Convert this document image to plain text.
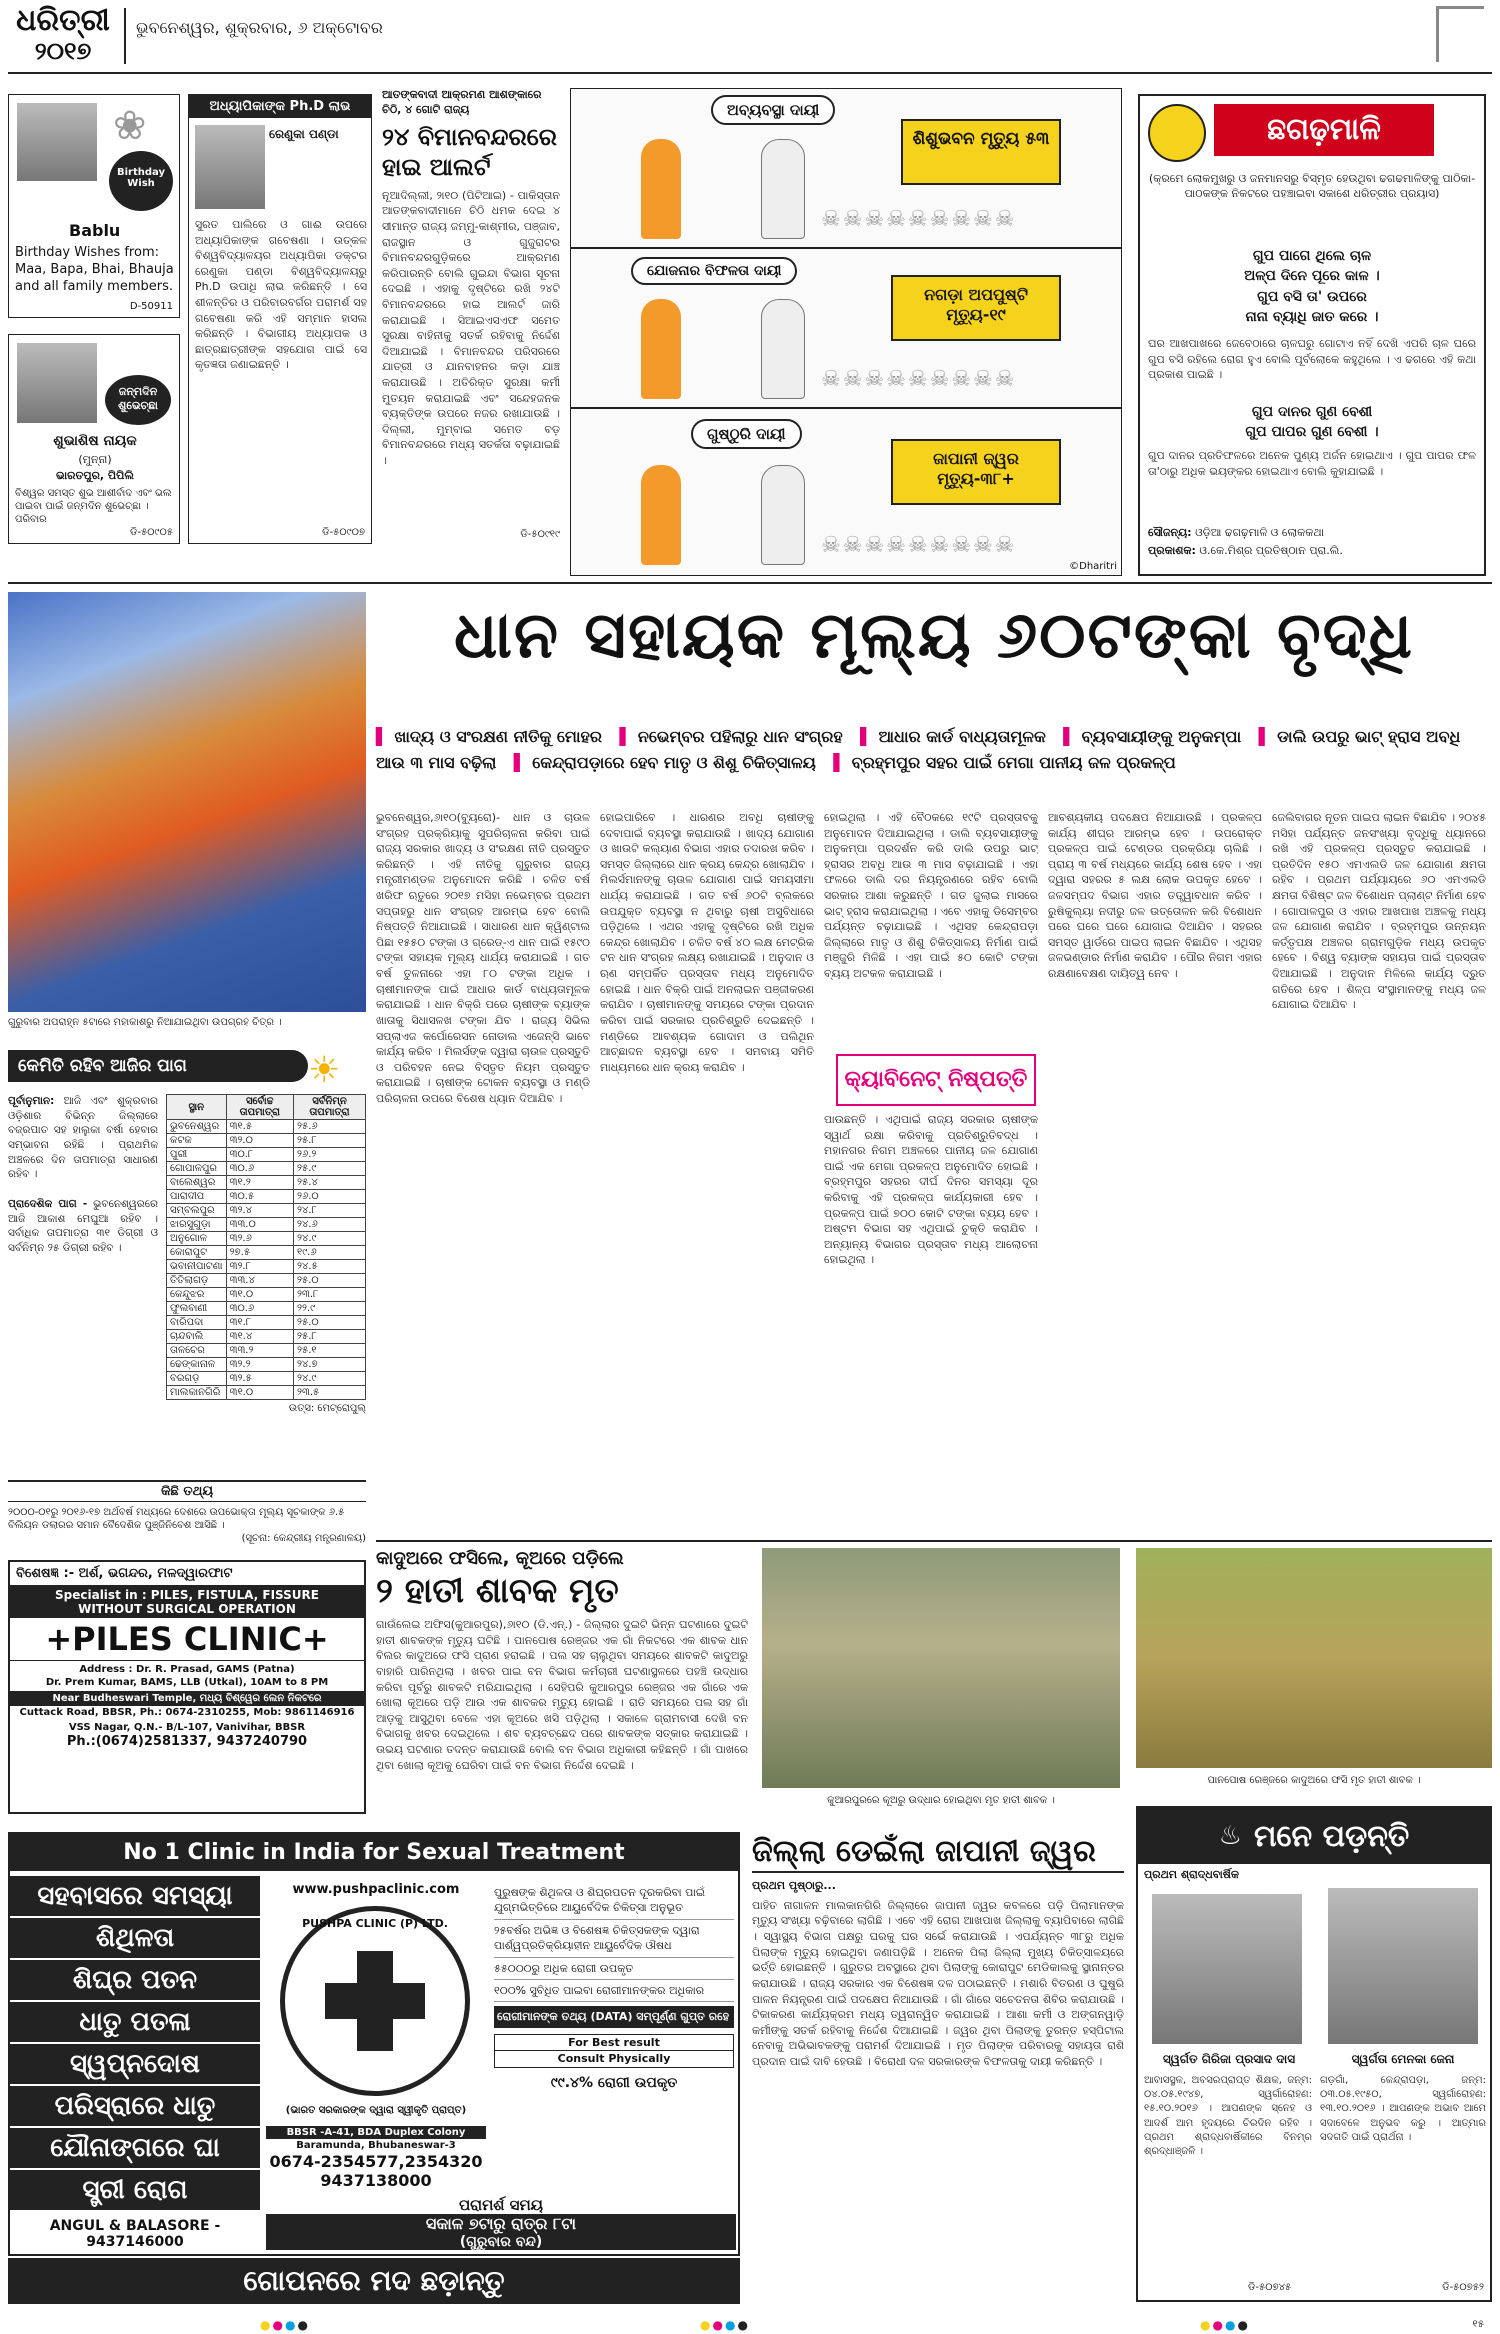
ଧରିତ୍ରୀ
୨୦୧୭
ଭୁବନେଶ୍ୱର, ଶୁକ୍ରବାର, ୬ ଅକ୍ଟୋବର
❀
Birthday Wish
Bablu
Birthday Wishes from: Maa, Bapa, Bhai, Bhauja and all family members.
D-50911
ଜନ୍ମଦିନ ଶୁଭେଚ୍ଛା
ଶୁଭାଶିଷ ନାୟକ
(ମୁନ୍ନା)
ଭାରତପୁର, ପିପିଲି
ବିଶ୍ୱର ସମସ୍ତ ଶୁଭ ଆଶୀର୍ବାଦ ଏବଂ ଭଲ ପାଇବା ପାଇଁ ଜନ୍ମଦିନ ଶୁଭେଚ୍ଛା । ପରିବାର
ଡି-୫୦୯୦୫
ଅଧ୍ୟାପିକାଙ୍କ Ph.D ଲାଭ
ରେଣୁକା ପଣ୍ଡା
ସୁରତ ପାଲିରେ ଓ ଗାଈ ଉପରେ ଅଧ୍ୟାପିକାଙ୍କ ଗବେଷଣା । ଉତ୍କଳ ବିଶ୍ୱବିଦ୍ୟାଳୟର ଅଧ୍ୟାପିକା ଡକ୍ଟର ରେଣୁକା ପଣ୍ଡା ବିଶ୍ୱବିଦ୍ୟାଳୟରୁ Ph.D ଉପାଧି ଲାଭ କରିଛନ୍ତି । ସେ ଶୀଳନ୍ତିର ଓ ପରିବାରବର୍ଗର ପରାମର୍ଶ ସହ ଗବେଷଣା କରି ଏହି ସମ୍ମାନ ହାସଲ କରିଛନ୍ତି । ବିଭାଗୀୟ ଅଧ୍ୟାପକ ଓ ଛାତ୍ରଛାତ୍ରୀଙ୍କ ସହଯୋଗ ପାଇଁ ସେ କୃତଜ୍ଞତା ଜଣାଇଛନ୍ତି ।
ଡି-୫୦୯୦୭
ଆତଙ୍କବାଦୀ ଆକ୍ରମଣ ଆଶଙ୍କାରେ ଚିଠି, ୪ ଗୋଟି ରାଜ୍ୟ
୨୪ ବିମାନବନ୍ଦରରେ ହାଇ ଆଲର୍ଟ
ନୂଆଦିଲ୍ଲୀ, ୨ା୧୦ (ପିଟିଆଇ) - ପାକିସ୍ତାନ ଆତଙ୍କବାଦୀମାନେ ଚିଠି ଧମକ ଦେଇ ୪ ସୀମାନ୍ତ ରାଜ୍ୟ ଜମ୍ମୁ-କାଶ୍ମୀର, ପଞ୍ଜାବ, ରାଜସ୍ଥାନ ଓ ଗୁଜୁରାଟର ବିମାନବନ୍ଦରଗୁଡ଼ିକରେ ଆକ୍ରମଣ କରିପାରନ୍ତି ବୋଲି ଗୁଇନ୍ଦା ବିଭାଗ ସୂଚନା ଦେଇଛି । ଏହାକୁ ଦୃଷ୍ଟିରେ ରଖି ୨୪ଟି ବିମାନବନ୍ଦରରେ ହାଇ ଆଲର୍ଟ ଜାରି କରାଯାଇଛି । ସିଆଇଏସଏଫ ସମେତ ସୁରକ୍ଷା ବାହିନୀକୁ ସତର୍କ ରହିବାକୁ ନିର୍ଦ୍ଦେଶ ଦିଆଯାଇଛି । ବିମାନବନ୍ଦର ପରିସରରେ ଯାତ୍ରୀ ଓ ଯାନବାହନର କଡ଼ା ଯାଞ୍ଚ କରାଯାଉଛି । ଅତିରିକ୍ତ ସୁରକ୍ଷା କର୍ମୀ ମୁତୟନ କରାଯାଇଛି ଏବଂ ସନ୍ଦେହଜନକ ବ୍ୟକ୍ତିଙ୍କ ଉପରେ ନଜର ରଖାଯାଉଛି । ଦିଲ୍ଲୀ, ମୁମ୍ବାଇ ସମେତ ବଡ଼ ବିମାନବନ୍ଦରରେ ମଧ୍ୟ ସତର୍କତା ବଢ଼ାଯାଇଛି ।
ଡି-୫୦୯୧୯
ଅବ୍ୟବସ୍ଥା ଦାୟୀ
ଶିଶୁଭବନ ମୃତ୍ୟୁ ୫୩
☠☠☠☠☠☠☠☠☠
ଯୋଜନାର ବିଫଳତା ଦାୟୀ
ନଗଡ଼ା ଅପପୁଷ୍ଟି ମୃତ୍ୟୁ-୧୯
☠☠☠☠☠☠☠☠☠
ଗୁଷ୍ଠୁରି ଦାୟୀ
ଜାପାନୀ ଜ୍ୱର ମୃତ୍ୟୁ-୩୮+
☠☠☠☠☠☠☠☠☠
©Dharitri
ଛଗଢ଼ମାଳି
(କ୍ରମେ ଲୋକମୁଖରୁ ଓ ଜନମାନସରୁ ବିସ୍ମୃତ ହେଉଥିବା ଢଗଢମାଳିଙ୍କୁ ପାଠିକା-ପାଠକଙ୍କ ନିକଟରେ ପହଞ୍ଚାଇବା ସକାଶେ ଧରିତ୍ରୀର ପ୍ରୟାସ)
ଗୁପ ପାଗେ ଥିଲେ ଚାଳ
ଅଳ୍ପ ଦିନେ ପୂରେ କାଳ ।
ଗୁପ ବସି ତା' ଉପରେ
ନାନା ବ୍ୟାଧି ଜାତ କରେ ।
ଘର ଆଖପାଖରେ ଜେବେଠାରେ ଚାଳଘରୁ ଗୋଟାଏ ନହିଁ ଦେଖି ଏପରି ଚାଳ ଘରେ ଗୁପ ବସି ରହିଲେ ରୋଗ ହୁଏ ବୋଲି ପୂର୍ବଲୋକେ କହୁଥିଲେ । ଏ ଢଗରେ ଏହି କଥା ପ୍ରକାଶ ପାଇଛି ।
ଗୁପ ଦାନର ଗୁଣ ବେଶୀ
ଗୁପ ପାପର ଗୁଣ ବେଶୀ ।
ଗୁପ ଦାନର ପ୍ରତିଫଳରେ ଅନେକ ପୁଣ୍ୟ ଅର୍ଜନ ହୋଇଥାଏ । ଗୁପ ପାପର ଫଳ ତା'ଠାରୁ ଅଧିକ ଭୟଙ୍କର ହୋଇଥାଏ ବୋଲି କୁହାଯାଇଛି ।
ସୌଜନ୍ୟ: ଓଡ଼ିଆ ଢଗଢ଼ମାଳି ଓ ଲୋକକଥା
ପ୍ରକାଶକ: ଓ.କେ.ମିଶ୍ର ପ୍ରତିଷ୍ଠାନ ପ୍ରା.ଲି.
ଗୁରୁବାର ଅପରାହ୍ନ ୫ଟାରେ ମହାକାଶରୁ ନିଆଯାଇଥିବା ଉପଗ୍ରହ ଚିତ୍ର ।
କେମିତି ରହିବ ଆଜିର ପାଗ	☀
ପୂର୍ବାନୁମାନ: ଆଜି ଏବଂ ଶୁକ୍ରବାର ଓଡ଼ିଶାର ବିଭିନ୍ନ ଜିଲ୍ଲାରେ ବଜ୍ରପାତ ସହ ହାଲୁକା ବର୍ଷା ହେବାର ସମ୍ଭାବନା ରହିଛି । ପ୍ରାଥମିକ ଅଞ୍ଚଳରେ ଦିନ ତାପମାତ୍ରା ସାଧାରଣ ରହିବ ।

ପ୍ରାଦେଶିକ ପାଗ - ଭୁବନେଶ୍ୱରରେ ଆଜି ଆକାଶ ମେଘୁଆ ରହିବ । ସର୍ବାଧିକ ତାପମାତ୍ରା ୩୧ ଡିଗ୍ରୀ ଓ ସର୍ବନିମ୍ନ ୨୫ ଡିଗ୍ରୀ ରହିବ ।
ସ୍ଥାନ	ସର୍ବୋଚ୍ଚ ତାପମାତ୍ରା	ସର୍ବନିମ୍ନ ତାପମାତ୍ରା
ଭୁବନେଶ୍ୱର	୩୧.୫	୨୫.୬
କଟକ	୩୨.୦	୨୫.୮
ପୁରୀ	୩୦.୮	୨୬.୨
ଗୋପାଳପୁର	୩୦.୬	୨୫.୯
ବାଲେଶ୍ୱର	୩୧.୨	୨୫.୪
ପାରାଦୀପ	୩୦.୫	୨୬.୦
ସମ୍ବଲପୁର	୩୨.୪	୨୪.୮
ଝାରସୁଗୁଡ଼ା	୩୩.୦	୨୪.୬
ଅନୁଗୋଳ	୩୨.୬	୨୪.୯
କୋରାପୁଟ	୨୭.୫	୧୯.୬
ଭବାନୀପାଟଣା	୩୨.୮	୨୪.୫
ତିତିଲାଗଡ଼	୩୩.୪	୨୫.୦
କେନ୍ଦୁଝର	୩୧.୦	୨୩.୮
ଫୁଲବାଣୀ	୩୦.୬	୨୨.୯
ବାରିପଦା	୩୧.୮	୨୫.୦
ଚାନ୍ଦବାଲି	୩୧.୪	୨୫.୮
ତାଳଚେର	୩୩.୨	୨୫.୧
ଢେଙ୍କାନାଳ	୩୨.୨	୨୪.୭
ବରଗଡ଼	୩୨.୫	୨୪.୯
ମାଲକାନଗିରି	୩୧.୦	୨୩.୫
ଉତ୍ସ: ମେଟ୍ରୋପୁଲ୍
କିଛି ତଥ୍ୟ
୨୦୦୦-୦୧ରୁ ୨୦୧୬-୧୭ ଅର୍ଥବର୍ଷ ମଧ୍ୟରେ ଦେଶରେ ଉପଭୋକ୍ତା ମୂଲ୍ୟ ସୂଚକାଙ୍କ ୬.୫ ବିଲିୟନ ଡଲାରର ସମାନ ବୈଦେଶିକ ପୁଞ୍ଜିନିବେଶ ଆସିଛି ।
(ସୂଚନା: କେନ୍ଦ୍ରୀୟ ମନ୍ତ୍ରଣାଳୟ)
ଧାନ ସହାୟକ ମୂଲ୍ୟ ୬୦ଟଙ୍କା ବୃଦ୍ଧି
▌ ଖାଦ୍ୟ ଓ ସଂରକ୍ଷଣ ନୀତିକୁ ମୋହର ▌ ନଭେମ୍ବର ପହିଲାରୁ ଧାନ ସଂଗ୍ରହ ▌ ଆଧାର କାର୍ଡ ବାଧ୍ୟତାମୂଳକ ▌ ବ୍ୟବସାୟୀଙ୍କୁ ଅନୁକମ୍ପା ▌ ଡାଲି ଉପରୁ ଭାଟ୍ ହ୍ରାସ ଅବଧି ଆଉ ୩ ମାସ ବଢ଼ିଲା ▌ କେନ୍ଦ୍ରାପଡ଼ାରେ ହେବ ମାତୃ ଓ ଶିଶୁ ଚିକିତ୍ସାଳୟ ▌ ବ୍ରହ୍ମପୁର ସହର ପାଇଁ ମେଗା ପାନୀୟ ଜଳ ପ୍ରକଳ୍ପ
ଭୁବନେଶ୍ୱର,୬ା୧୦(ବ୍ୟୁରୋ)- ଧାନ ଓ ଚାଉଳ ସଂଗ୍ରହ ପ୍ରକ୍ରିୟାକୁ ସୁପରିଚାଳନା କରିବା ପାଇଁ ରାଜ୍ୟ ସରକାର ଖାଦ୍ୟ ଓ ସଂରକ୍ଷଣ ନୀତି ପ୍ରସ୍ତୁତ କରିଛନ୍ତି । ଏହି ନୀତିକୁ ଗୁରୁବାର ରାଜ୍ୟ ମନ୍ତ୍ରୀମଣ୍ଡଳ ଅନୁମୋଦନ କରିଛି । ଚଳିତ ବର୍ଷ ଖରିଫ ଋତୁରେ ୨୦୧୭ ମସିହା ନଭେମ୍ବର ପ୍ରଥମ ସପ୍ତାହରୁ ଧାନ ସଂଗ୍ରହ ଆରମ୍ଭ ହେବ ବୋଲି ନିଷ୍ପତ୍ତି ନିଆଯାଇଛି । ସାଧାରଣ ଧାନ କ୍ୱିଣ୍ଟାଲ ପିଛା ୧୫୫୦ ଟଙ୍କା ଓ ଗ୍ରେଡ୍-ଏ ଧାନ ପାଇଁ ୧୫୯୦ ଟଙ୍କା ସହାୟକ ମୂଲ୍ୟ ଧାର୍ଯ୍ୟ କରାଯାଇଛି । ଗତ ବର୍ଷ ତୁଳନାରେ ଏହା ୮୦ ଟଙ୍କା ଅଧିକ । ଚାଷୀମାନଙ୍କ ପାଇଁ ଆଧାର କାର୍ଡ ବାଧ୍ୟତାମୂଳକ କରାଯାଇଛି । ଧାନ ବିକ୍ରି ପରେ ଚାଷୀଙ୍କ ବ୍ୟାଙ୍କ ଖାତାକୁ ସିଧାସଳଖ ଟଙ୍କା ଯିବ । ରାଜ୍ୟ ସିଭିଲ ସପ୍ଲାଏଜ କର୍ପୋରେସନ ନୋଡାଲ ଏଜେନ୍ସି ଭାବେ କାର୍ଯ୍ୟ କରିବ । ମିଲର୍ସଙ୍କ ଦ୍ୱାରା ଚାଉଳ ପ୍ରସ୍ତୁତି ଓ ପରିବହନ ନେଇ ବିସ୍ତୃତ ନିୟମ ପ୍ରସ୍ତୁତ କରାଯାଇଛି । ଚାଷୀଙ୍କ ଟୋକନ ବ୍ୟବସ୍ଥା ଓ ମଣ୍ଡି ପରିଚାଳନା ଉପରେ ବିଶେଷ ଧ୍ୟାନ ଦିଆଯିବ ।
ହୋଇପାରିବେ । ଧାରଣର ଅବଧି ଚାଷୀଙ୍କୁ ଦେବାପାଇଁ ବ୍ୟବସ୍ଥା କରାଯାଉଛି । ଖାଦ୍ୟ ଯୋଗାଣ ଓ ଖାଉଟି କଲ୍ୟାଣ ବିଭାଗ ଏହାର ତଦାରଖ କରିବ । ସମସ୍ତ ଜିଲ୍ଲାରେ ଧାନ କ୍ରୟ କେନ୍ଦ୍ର ଖୋଲାଯିବ । ମିଲର୍ସମାନଙ୍କୁ ଚାଉଳ ଯୋଗାଣ ପାଇଁ ସମୟସୀମା ଧାର୍ଯ୍ୟ କରାଯାଇଛି । ଗତ ବର୍ଷ ୬୦ଟି ବ୍ଲକରେ ଉପଯୁକ୍ତ ବ୍ୟବସ୍ଥା ନ ଥିବାରୁ ଚାଷୀ ଅସୁବିଧାରେ ପଡ଼ିଥିଲେ । ଏଥର ଏହାକୁ ଦୃଷ୍ଟିରେ ରଖି ଅଧିକ କେନ୍ଦ୍ର ଖୋଲାଯିବ । ଚଳିତ ବର୍ଷ ୪୦ ଲକ୍ଷ ମେଟ୍ରିକ ଟନ ଧାନ ସଂଗ୍ରହ ଲକ୍ଷ୍ୟ ରଖାଯାଇଛି । ଅନୁଦାନ ଓ ଋଣ ସମ୍ପର୍କିତ ପ୍ରସ୍ତାବ ମଧ୍ୟ ଅନୁମୋଦିତ ହୋଇଛି । ଧାନ ବିକ୍ରି ପାଇଁ ଅନଲାଇନ ପଞ୍ଜୀକରଣ କରାଯିବ । ଚାଷୀମାନଙ୍କୁ ସମୟରେ ଟଙ୍କା ପ୍ରଦାନ କରିବା ପାଇଁ ସରକାର ପ୍ରତିଶ୍ରୁତି ଦେଇଛନ୍ତି । ମଣ୍ଡିରେ ଆବଶ୍ୟକ ଗୋଦାମ ଓ ପଲିଥିନ ଆଚ୍ଛାଦନ ବ୍ୟବସ୍ଥା ହେବ । ସମବାୟ ସମିତି ମାଧ୍ୟମରେ ଧାନ କ୍ରୟ କରାଯିବ ।
ହୋଇଥିଲା । ଏହି ବୈଠକରେ ୧୯ଟି ପ୍ରସ୍ତାବକୁ ଅନୁମୋଦନ ଦିଆଯାଇଥିଲା । ଡାଲି ବ୍ୟବସାୟୀଙ୍କୁ ଅନୁକମ୍ପା ପ୍ରଦର୍ଶନ କରି ଡାଲି ଉପରୁ ଭାଟ୍ ହ୍ରାସର ଅବଧି ଆଉ ୩ ମାସ ବଢ଼ାଯାଇଛି । ଏହା ଫଳରେ ଡାଲି ଦର ନିୟନ୍ତ୍ରଣରେ ରହିବ ବୋଲି ସରକାର ଆଶା କରୁଛନ୍ତି । ଗତ ଜୁଲାଇ ମାସରେ ଭାଟ୍ ହ୍ରାସ କରାଯାଇଥିଲା । ଏବେ ଏହାକୁ ଡିସେମ୍ବର ପର୍ଯ୍ୟନ୍ତ ବଢ଼ାଯାଇଛି । ଏଥିସହ କେନ୍ଦ୍ରାପଡ଼ା ଜିଲ୍ଲାରେ ମାତୃ ଓ ଶିଶୁ ଚିକିତ୍ସାଳୟ ନିର୍ମାଣ ପାଇଁ ମଞ୍ଜୁରି ମିଳିଛି । ଏହା ପାଇଁ ୫୦ କୋଟି ଟଙ୍କା ବ୍ୟୟ ଅଟକଳ କରାଯାଇଛି ।
କ୍ୟାବିନେଟ୍ ନିଷ୍ପତ୍ତି
ପାଉଛନ୍ତି । ଏଥିପାଇଁ ରାଜ୍ୟ ସରକାର ଚାଷୀଙ୍କ ସ୍ୱାର୍ଥ ରକ୍ଷା କରିବାକୁ ପ୍ରତିଶ୍ରୁତିବଦ୍ଧ । ମହାନଗର ନିଗମ ଅଞ୍ଚଳରେ ପାନୀୟ ଜଳ ଯୋଗାଣ ପାଇଁ ଏକ ମେଗା ପ୍ରକଳ୍ପ ଅନୁମୋଦିତ ହୋଇଛି । ବ୍ରହ୍ମପୁର ସହରର ଦୀର୍ଘ ଦିନର ସମସ୍ୟା ଦୂର କରିବାକୁ ଏହି ପ୍ରକଳ୍ପ କାର୍ଯ୍ୟକାରୀ ହେବ । ପ୍ରକଳ୍ପ ପାଇଁ ୭୦୦ କୋଟି ଟଙ୍କା ବ୍ୟୟ ହେବ । ଅଷ୍ଟମ ବିଭାଗ ସହ ଏଥିପାଇଁ ଚୁକ୍ତି କରାଯିବ । ଅନ୍ୟାନ୍ୟ ବିଭାଗର ପ୍ରସ୍ତାବ ମଧ୍ୟ ଆଲୋଚନା ହୋଇଥିଲା ।
ଆବଶ୍ୟକୀୟ ପଦକ୍ଷେପ ନିଆଯାଉଛି । ପ୍ରକଳ୍ପ କାର୍ଯ୍ୟ ଶୀଘ୍ର ଆରମ୍ଭ ହେବ । ଉପରୋକ୍ତ ପ୍ରକଳ୍ପ ପାଇଁ ଟେଣ୍ଡର ପ୍ରକ୍ରିୟା ଚାଲିଛି । ପ୍ରାୟ ୩ ବର୍ଷ ମଧ୍ୟରେ କାର୍ଯ୍ୟ ଶେଷ ହେବ । ଏହା ଦ୍ୱାରା ସହରର ୫ ଲକ୍ଷ ଲୋକ ଉପକୃତ ହେବେ । ଜଳସମ୍ପଦ ବିଭାଗ ଏହାର ତତ୍ତ୍ୱାବଧାନ କରିବ । ରୁଷିକୁଲ୍ୟା ନଦୀରୁ ଜଳ ଉତ୍ତୋଳନ କରି ବିଶୋଧନ ପରେ ଘରେ ଘରେ ଯୋଗାଇ ଦିଆଯିବ । ସହରର ସମସ୍ତ ୱାର୍ଡରେ ପାଇପ ଲାଇନ ବିଛାଯିବ । ଏଥିସହ ଜଳଭଣ୍ଡାର ନିର୍ମାଣ କରାଯିବ । ପୌର ନିଗମ ଏହାର ରକ୍ଷଣାବେକ୍ଷଣ ଦାୟିତ୍ୱ ନେବ ।
ଜେଲିବାଗର ନୂତନ ପାଇପ ଲାଇନ ବିଛାଯିବ । ୨୦୪୫ ମସିହା ପର୍ଯ୍ୟନ୍ତ ଜନସଂଖ୍ୟା ବୃଦ୍ଧିକୁ ଧ୍ୟାନରେ ରଖି ଏହି ପ୍ରକଳ୍ପ ପ୍ରସ୍ତୁତ କରାଯାଇଛି । ପ୍ରତିଦିନ ୧୫୦ ଏମଏଲଡି ଜଳ ଯୋଗାଣ କ୍ଷମତା ରହିବ । ପ୍ରଥମ ପର୍ଯ୍ୟାୟରେ ୬୦ ଏମଏଲଡି କ୍ଷମତା ବିଶିଷ୍ଟ ଜଳ ବିଶୋଧନ ପ୍ଲାଣ୍ଟ ନିର୍ମାଣ ହେବ । ଗୋପାଳପୁର ଓ ଏହାର ଆଖପାଖ ଅଞ୍ଚଳକୁ ମଧ୍ୟ ଜଳ ଯୋଗାଣ କରାଯିବ । ବ୍ରହ୍ମପୁର ଉନ୍ନୟନ କର୍ତ୍ତୃପକ୍ଷ ଅଞ୍ଚଳର ଗ୍ରାମଗୁଡ଼ିକ ମଧ୍ୟ ଉପକୃତ ହେବେ । ବିଶ୍ୱ ବ୍ୟାଙ୍କ ସହାୟତା ପାଇଁ ପ୍ରସ୍ତାବ ଦିଆଯାଇଛି । ଅନୁଦାନ ମିଳିଲେ କାର୍ଯ୍ୟ ଦ୍ରୁତ ଗତିରେ ହେବ । ଶିଳ୍ପ ସଂସ୍ଥାମାନଙ୍କୁ ମଧ୍ୟ ଜଳ ଯୋଗାଇ ଦିଆଯିବ ।
କାଦୁଅରେ ଫସିଲେ, କୂଅରେ ପଡ଼ିଲେ
୨ ହାତୀ ଶାବକ ମୃତ
ଗାଉଁଲେଇ ଅଫିସ(କୁଆରପୁର),୬ା୧୦ (ଡି.ଏନ୍.) - ଜିଲ୍ଲାର ଦୁଇଟି ଭିନ୍ନ ଘଟଣାରେ ଦୁଇଟି ହାତୀ ଶାବକଙ୍କ ମୃତ୍ୟୁ ଘଟିଛି । ପାନପୋଷ ରେଞ୍ଜର ଏକ ଗାଁ ନିକଟରେ ଏକ ଶାବକ ଧାନ ବିଲର କାଦୁଅରେ ଫସି ପ୍ରାଣ ହରାଇଛି । ପଲ ସହ ଚାଲୁଥିବା ସମୟରେ ଶାବକଟି କାଦୁଅରୁ ବାହାରି ପାରିନଥିଲା । ଖବର ପାଇ ବନ ବିଭାଗ କର୍ମଚାରୀ ଘଟଣାସ୍ଥଳରେ ପହଞ୍ଚି ଉଦ୍ଧାର କରିବା ପୂର୍ବରୁ ଶାବକଟି ମରିଯାଇଥିଲା । ସେହିପରି କୁଆରପୁର ରେଞ୍ଜର ଏକ ଗାଁରେ ଏକ ଖୋଲା କୂଅରେ ପଡ଼ି ଆଉ ଏକ ଶାବକର ମୃତ୍ୟୁ ହୋଇଛି । ରାତି ସମୟରେ ପଲ ସହ ଗାଁ ଆଡ଼କୁ ଆସୁଥିବା ବେଳେ ଏହା କୂଅରେ ଖସି ପଡ଼ିଥିଲା । ସକାଳେ ଗ୍ରାମବାସୀ ଦେଖି ବନ ବିଭାଗକୁ ଖବର ଦେଇଥିଲେ । ଶବ ବ୍ୟବଚ୍ଛେଦ ପରେ ଶାବକଙ୍କ ସତ୍କାର କରାଯାଇଛି । ଉଭୟ ଘଟଣାର ତଦନ୍ତ କରାଯାଉଛି ବୋଲି ବନ ବିଭାଗ ଅଧିକାରୀ କହିଛନ୍ତି । ଗାଁ ପାଖରେ ଥିବା ଖୋଲା କୂଅକୁ ଘେରିବା ପାଇଁ ବନ ବିଭାଗ ନିର୍ଦ୍ଦେଶ ଦେଇଛି ।
କୁଆରପୁରରେ କୂଅରୁ ଉଦ୍ଧାର ହୋଇଥିବା ମୃତ ହାତୀ ଶାବକ ।
ପାନପୋଷ ରେଞ୍ଜରେ କାଦୁଅରେ ଫସି ମୃତ ହାତୀ ଶାବକ ।
ବିଶେଷଜ୍ଞ :- ଅର୍ଶ, ଭଗନ୍ଦର, ମଳଦ୍ୱାରଫାଟ
Specialist in : PILES, FISTULA, FISSURE
WITHOUT SURGICAL OPERATION
+PILES CLINIC+
Address : Dr. R. Prasad, GAMS (Patna)
Dr. Prem Kumar, BAMS, LLB (Utkal), 10AM to 8 PM
Near Budheswari Temple, ମଧ୍ୟ ବିଶ୍ୱେର ଲେନ ନିକଟରେ
Cuttack Road, BBSR, Ph.: 0674-2310255, Mob: 9861146916
VSS Nagar, Q.N.- B/L-107, Vanivihar, BBSR
Ph.:(0674)2581337, 9437240790
No 1 Clinic in India for Sexual Treatment
ସହବାସରେ ସମସ୍ୟା
ଶିଥିଳତା
ଶିଘ୍ର ପତନ
ଧାତୁ ପତଳା
ସ୍ୱପ୍ନଦୋଷ
ପରିସ୍ରାରେ ଧାତୁ
ଯୌନାଙ୍ଗରେ ଘା
ସ୍ତ୍ରୀ ରୋଗ
www.pushpaclinic.com
PUSHPA CLINIC (P) LTD.
(ଭାରତ ସରକାରଙ୍କ ଦ୍ୱାରା ସ୍ୱୀକୃତି ପ୍ରାପ୍ତ)
BBSR -A-41, BDA Duplex Colony
Baramunda, Bhubaneswar-3
0674-2354577,2354320
9437138000
ପୁରୁଷଙ୍କ ଶିଥିଳତା ଓ ଶିଘ୍ରପତନ ଦୂରକରିବା ପାଇଁ ଯୁଗ୍ମଭିତ୍ତିରେ ଆୟୁର୍ବେଦିକ ଚିକିତ୍ସା ଅନୁଭୂତ
୨୫ବର୍ଷର ଅଭିଜ୍ଞ ଓ ବିଶେଷଜ୍ଞ ଚିକିତ୍ସକଙ୍କ ଦ୍ୱାରା ପାର୍ଶ୍ୱପ୍ରତିକ୍ରିୟାହୀନ ଆୟୁର୍ବେଦିକ ଔଷଧ
୫୫୦୦୦ରୁ ଅଧିକ ରୋଗୀ ଉପକୃତ
୧୦୦% ସୁବିଧିତ ପାଇବା ରୋଗୀମାନଙ୍କର ଅଧିକାର
ରୋଗୀମାନଙ୍କ ତଥ୍ୟ (DATA) ସମ୍ପୂର୍ଣ୍ଣ ଗୁପ୍ତ ରହେ
For Best result
Consult Physically
୯୯.୪% ରୋଗୀ ଉପକୃତ
ANGUL & BALASORE - 9437146000
ପରାମର୍ଶ ସମୟ
ସକାଳ ୭ଟାରୁ ରାତ୍ର ୮ଟା
(ଗୁରୁବାର ବନ୍ଦ)
ଗୋପନରେ ମଦ ଛଡ଼ାନ୍ତୁ
ଜିଲ୍ଲା ଡେଇଁଲା ଜାପାନୀ ଜ୍ୱର
ପ୍ରଥମ ପୃଷ୍ଠାରୁ...
ପାହିତ ନାଗାଳନ ମାଲକାନଗିରି ଜିଲ୍ଲାରେ ଜାପାନୀ ଜ୍ୱର କବଳରେ ପଡ଼ି ପିଲାମାନଙ୍କ ମୃତ୍ୟୁ ସଂଖ୍ୟା ବଢ଼ିବାରେ ଲାଗିଛି । ଏବେ ଏହି ରୋଗ ଆଖପାଖ ଜିଲ୍ଲାକୁ ବ୍ୟାପିବାରେ ଲାଗିଛି । ସ୍ୱାସ୍ଥ୍ୟ ବିଭାଗ ପକ୍ଷରୁ ଘରକୁ ଘର ସର୍ଭେ କରାଯାଉଛି । ଏପର୍ଯ୍ୟନ୍ତ ୩୮ରୁ ଅଧିକ ପିଲାଙ୍କ ମୃତ୍ୟୁ ହୋଇଥିବା ଜଣାପଡ଼ିଛି । ଅନେକ ପିଲା ଜିଲ୍ଲା ମୁଖ୍ୟ ଚିକିତ୍ସାଳୟରେ ଭର୍ତ୍ତି ହୋଇଛନ୍ତି । ଗୁରୁତର ଅବସ୍ଥାରେ ଥିବା ପିଲାଙ୍କୁ କୋରାପୁଟ ମେଡିକାଲକୁ ସ୍ଥାନାନ୍ତର କରାଯାଉଛି । ରାଜ୍ୟ ସରକାର ଏକ ବିଶେଷଜ୍ଞ ଦଳ ପଠାଇଛନ୍ତି । ମଶାରି ବିତରଣ ଓ ଘୁଷୁରି ପାଳନ ନିୟନ୍ତ୍ରଣ ପାଇଁ ପଦକ୍ଷେପ ନିଆଯାଉଛି । ଗାଁ ଗାଁରେ ସଚେତନତା ଶିବିର କରାଯାଉଛି । ଟିକାକରଣ କାର୍ଯ୍ୟକ୍ରମ ମଧ୍ୟ ତ୍ୱରାନ୍ୱିତ କରାଯାଇଛି । ଆଶା କର୍ମୀ ଓ ଅଙ୍ଗନୱାଡ଼ି କର୍ମୀଙ୍କୁ ସତର୍କ ରହିବାକୁ ନିର୍ଦ୍ଦେଶ ଦିଆଯାଇଛି । ଜ୍ୱର ଥିବା ପିଲାଙ୍କୁ ତୁରନ୍ତ ହସ୍ପିଟାଲ ନେବାକୁ ଅଭିଭାବକଙ୍କୁ ପରାମର୍ଶ ଦିଆଯାଇଛି । ମୃତ ପିଲାଙ୍କ ପରିବାରକୁ ସହାୟତା ରାଶି ପ୍ରଦାନ ପାଇଁ ଦାବି ହେଉଛି । ବିରୋଧୀ ଦଳ ସରକାରଙ୍କ ବିଫଳତାକୁ ଦାୟୀ କରିଛନ୍ତି ।
♨ ମନେ ପଡ଼ନ୍ତି
ପ୍ରଥମ ଶ୍ରାଦ୍ଧବାର୍ଷିକ
ସ୍ୱର୍ଗତ ଗିରିଜା ପ୍ରସାଦ ଦାସ	ସ୍ୱର୍ଗତା ମେନକା ଜେନା
ଆବାସସ୍ଥଳ, ଅବସରପ୍ରାପ୍ତ ଶିକ୍ଷକ, ଜନ୍ମ: ୦୪.୦୫.୧୯୪୭, ସ୍ୱର୍ଗାରୋହଣ: ୧୫.୧୦.୨୦୧୬ । ଆପଣଙ୍କ ସ୍ନେହ ଓ ଆଦର୍ଶ ଆମ ହୃଦୟରେ ଚିରଦିନ ରହିବ । ପ୍ରଥମ ଶ୍ରାଦ୍ଧବାର୍ଷିକୀରେ ବିନମ୍ର ଶ୍ରଦ୍ଧାଞ୍ଜଳି ।
ଗଡ଼ଗାଁ, କେନ୍ଦ୍ରାପଡ଼ା, ଜନ୍ମ: ୦୩.୦୫.୧୯୫୦, ସ୍ୱର୍ଗାରୋହଣ: ୧୩.୧୦.୨୦୧୬ । ଆପଣଙ୍କ ଅଭାବ ଆମେ ସଦାବେଳେ ଅନୁଭବ କରୁ । ଆତ୍ମାର ସଦଗତି ପାଇଁ ପ୍ରାର୍ଥନା ।
ଡି-୫୦୭୪୫	ଡି-୫୦୭୫୨
●●●●	●●●●	●●●●	୧୫
